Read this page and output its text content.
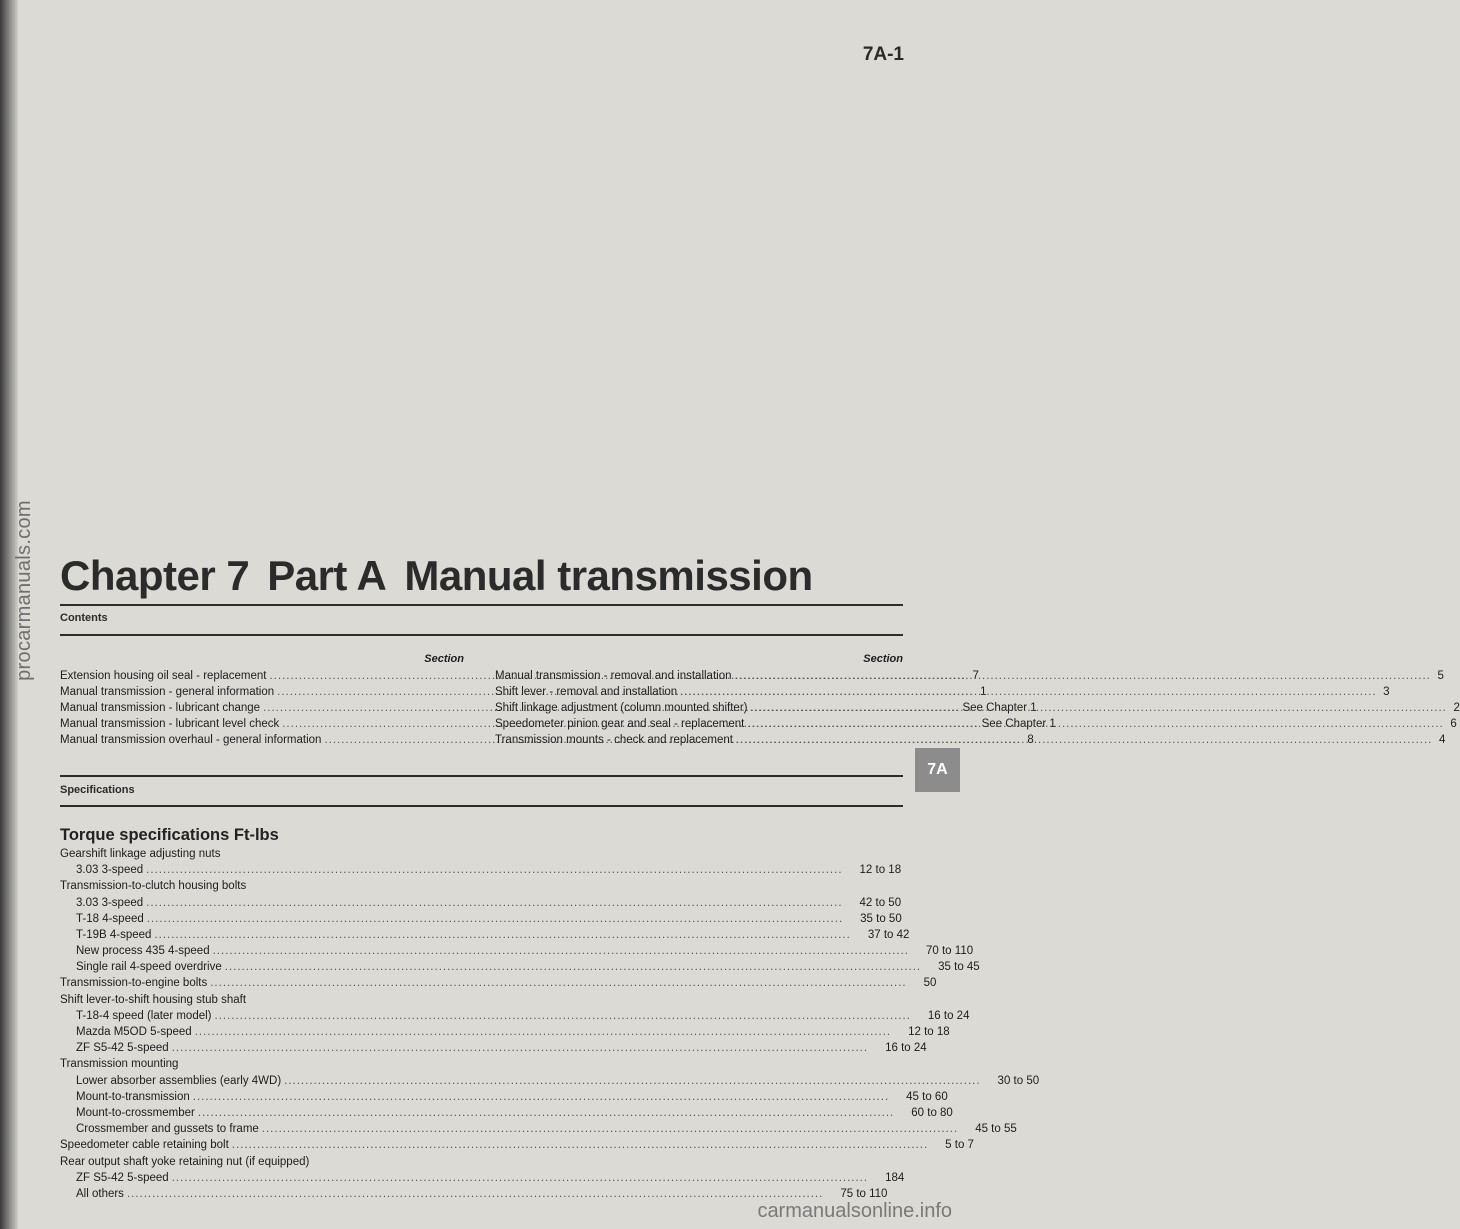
procarmanuals.com
7A-1
Chapter 7 Part A Manual transmission
Contents
Section
Extension housing oil seal - replacement .....	7
Manual transmission - general information .....	1
Manual transmission - lubricant change .....	See Chapter 1
Manual transmission - lubricant level check .....	See Chapter 1
Manual transmission overhaul - general information .....	8
Section
Manual transmission - removal and installation .....	5
Shift lever - removal and installation .....	3
Shift linkage adjustment (column mounted shifter) .....	2
Speedometer pinion gear and seal - replacement .....	6
Transmission mounts - check and replacement .....	4
7A
Specifications
Torque specifications Ft-lbs
Gearshift linkage adjusting nuts
3.03 3-speed .....	12 to 18
Transmission-to-clutch housing bolts
3.03 3-speed .....	42 to 50
T-18 4-speed .....	35 to 50
T-19B 4-speed .....	37 to 42
New process 435 4-speed .....	70 to 110
Single rail 4-speed overdrive .....	35 to 45
Transmission-to-engine bolts .....	50
Shift lever-to-shift housing stub shaft
T-18-4 speed (later model) .....	16 to 24
Mazda M5OD 5-speed .....	12 to 18
ZF S5-42 5-speed .....	16 to 24
Transmission mounting
Lower absorber assemblies (early 4WD) .....	30 to 50
Mount-to-transmission .....	45 to 60
Mount-to-crossmember .....	60 to 80
Crossmember and gussets to frame .....	45 to 55
Speedometer cable retaining bolt .....	5 to 7
Rear output shaft yoke retaining nut (if equipped)
ZF S5-42 5-speed .....	184
All others .....	75 to 110
carmanualsonline.info
